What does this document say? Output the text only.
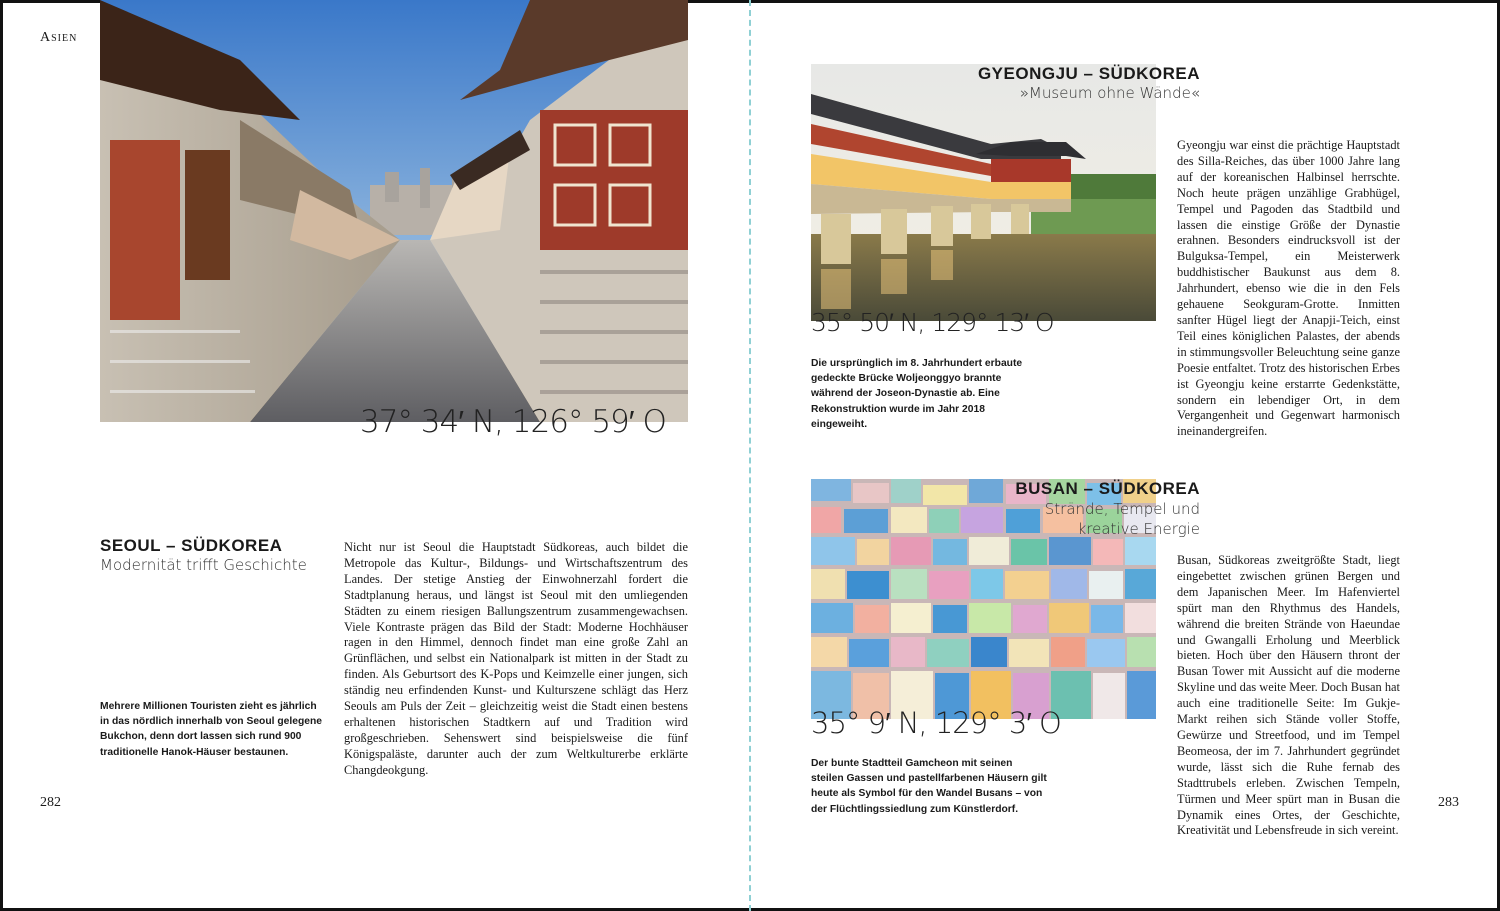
Asien
37° 34′ N, 126° 59′ O
SEOUL – SÜDKOREA
Modernität trifft Geschichte
Mehrere Millionen Touristen zieht es jährlich in das nördlich innerhalb von Seoul gelegene Bukchon, denn dort lassen sich rund 900 traditionelle Hanok-Häuser bestaunen.
Nicht nur ist Seoul die Hauptstadt Südkoreas, auch bildet die Metropole das Kultur-, Bildungs- und Wirtschaftszentrum des Landes. Der stetige Anstieg der Einwohnerzahl fordert die Stadtplanung heraus, und längst ist Seoul mit den umliegenden Städten zu einem riesigen Ballungszentrum zusammengewachsen. Viele Kontraste prägen das Bild der Stadt: Moderne Hochhäuser ragen in den Himmel, dennoch findet man eine große Zahl an Grünflächen, und selbst ein Nationalpark ist mitten in der Stadt zu finden. Als Geburtsort des K-Pops und Keimzelle einer jungen, sich ständig neu erfindenden Kunst- und Kulturszene schlägt das Herz Seouls am Puls der Zeit – gleichzeitig weist die Stadt einen bestens erhaltenen historischen Stadtkern auf und Tradition wird großgeschrieben. Sehenswert sind beispielsweise die fünf Königspaläste, darunter auch der zum Weltkulturerbe erklärte Changdeokgung.
282
35° 50′ N, 129° 13′ O
Die ursprünglich im 8. Jahrhundert erbaute gedeckte Brücke Woljeonggyo brannte während der Joseon-Dynastie ab. Eine Rekonstruktion wurde im Jahr 2018 eingeweiht.
GYEONGJU – SÜDKOREA
»Museum ohne Wände«
Gyeongju war einst die prächtige Hauptstadt des Silla-Reiches, das über 1000 Jahre lang auf der koreanischen Halbinsel herrschte. Noch heute prägen unzählige Grabhügel, Tempel und Pagoden das Stadtbild und lassen die einstige Größe der Dynastie erahnen. Besonders eindrucksvoll ist der Bulguksa-Tempel, ein Meisterwerk buddhistischer Baukunst aus dem 8. Jahrhundert, ebenso wie die in den Fels gehauene Seokguram-Grotte. Inmitten sanfter Hügel liegt der Anapji-Teich, einst Teil eines königlichen Palastes, der abends in stimmungsvoller Beleuchtung seine ganze Poesie entfaltet. Trotz des historischen Erbes ist Gyeongju keine erstarrte Gedenkstätte, sondern ein lebendiger Ort, in dem Vergangenheit und Gegenwart harmonisch ineinandergreifen.
35° 9′ N, 129° 3′ O
Der bunte Stadtteil Gamcheon mit seinen steilen Gassen und pastellfarbenen Häusern gilt heute als Symbol für den Wandel Busans – von der Flüchtlingssiedlung zum Künstlerdorf.
BUSAN – SÜDKOREA
Strände, Tempel und
kreative Energie
Busan, Südkoreas zweitgrößte Stadt, liegt eingebettet zwischen grünen Bergen und dem Japanischen Meer. Im Hafenviertel spürt man den Rhythmus des Handels, während die breiten Strände von Haeundae und Gwangalli Erholung und Meerblick bieten. Hoch über den Häusern thront der Busan Tower mit Aussicht auf die moderne Skyline und das weite Meer. Doch Busan hat auch eine traditionelle Seite: Im Gukje-Markt reihen sich Stände voller Stoffe, Gewürze und Streetfood, und im Tempel Beomeosa, der im 7. Jahrhundert gegründet wurde, lässt sich die Ruhe fernab des Stadttrubels erleben. Zwischen Tempeln, Türmen und Meer spürt man in Busan die Dynamik eines Ortes, der Geschichte, Kreativität und Lebensfreude in sich vereint.
283
